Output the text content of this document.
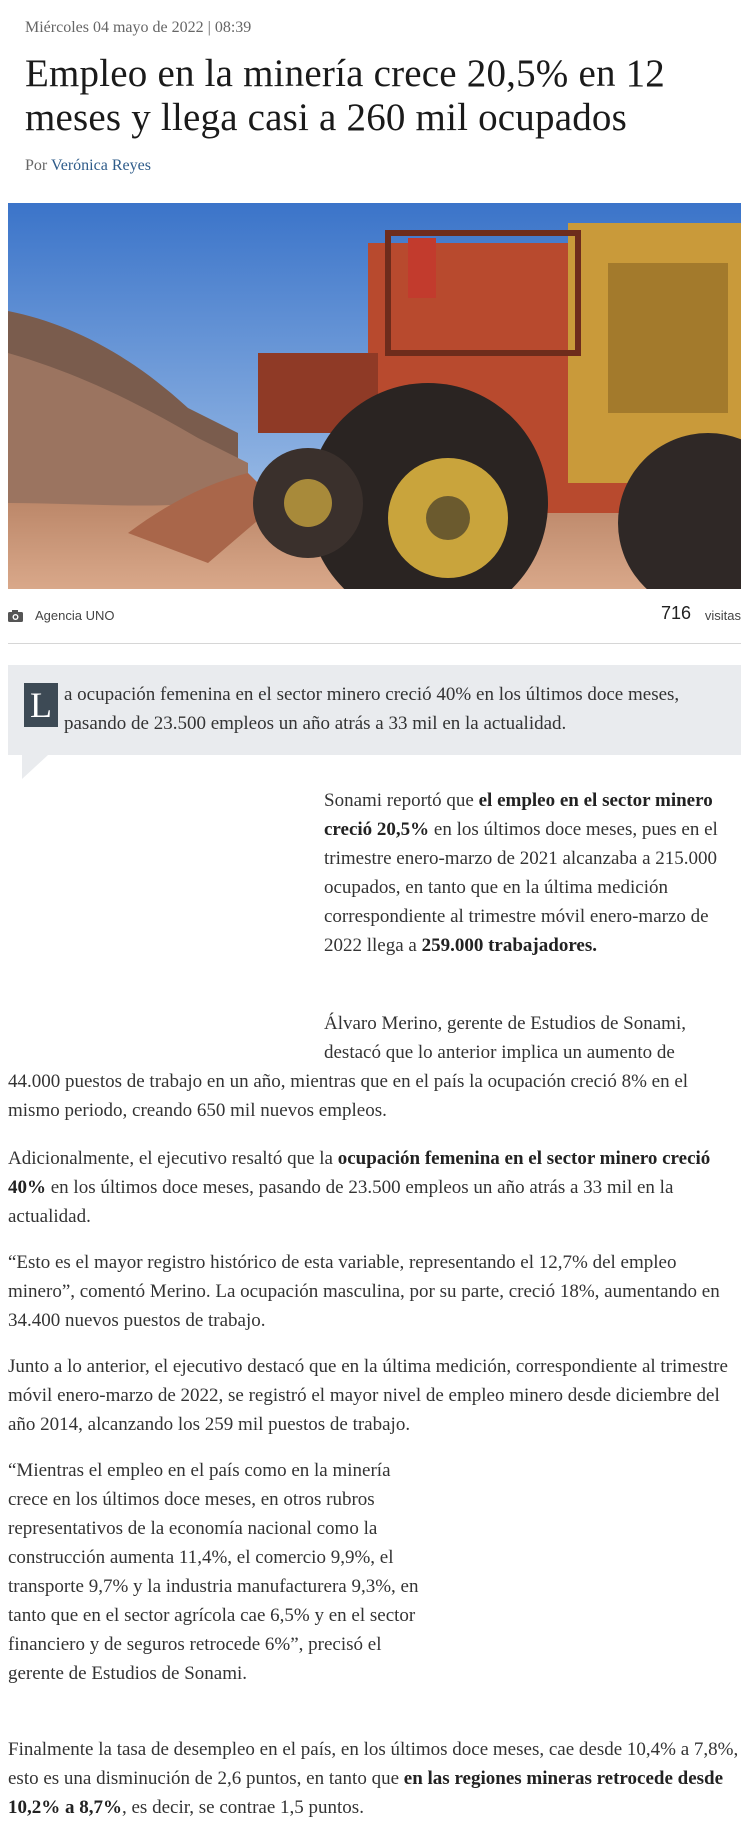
Miércoles 04 mayo de 2022 | 08:39
Empleo en la minería crece 20,5% en 12 meses y llega casi a 260 mil ocupados
Por Verónica Reyes
Agencia UNO	716 visitas
L a ocupación femenina en el sector minero creció 40% en los últimos doce meses, pasando de 23.500 empleos un año atrás a 33 mil en la actualidad.

Sonami reportó que el empleo en el sector minero creció 20,5% en los últimos doce meses, pues en el trimestre enero-marzo de 2021 alcanzaba a 215.000 ocupados, en tanto que en la última medición correspondiente al trimestre móvil enero-marzo de 2022 llega a 259.000 trabajadores.

Álvaro Merino, gerente de Estudios de Sonami,
destacó que lo anterior implica un aumento de

44.000 puestos de trabajo en un año, mientras que en el país la ocupación creció 8% en el mismo periodo, creando 650 mil nuevos empleos.

Adicionalmente, el ejecutivo resaltó que la ocupación femenina en el sector minero creció 40% en los últimos doce meses, pasando de 23.500 empleos un año atrás a 33 mil en la actualidad.

“Esto es el mayor registro histórico de esta variable, representando el 12,7% del empleo minero”, comentó Merino. La ocupación masculina, por su parte, creció 18%, aumentando en 34.400 nuevos puestos de trabajo.

Junto a lo anterior, el ejecutivo destacó que en la última medición, correspondiente al trimestre móvil enero-marzo de 2022, se registró el mayor nivel de empleo minero desde diciembre del año 2014, alcanzando los 259 mil puestos de trabajo.

“Mientras el empleo en el país como en la minería crece en los últimos doce meses, en otros rubros representativos de la economía nacional como la construcción aumenta 11,4%, el comercio 9,9%, el transporte 9,7% y la industria manufacturera 9,3%, en tanto que en el sector agrícola cae 6,5% y en el sector financiero y de seguros retrocede 6%”, precisó el gerente de Estudios de Sonami.

Finalmente la tasa de desempleo en el país, en los últimos doce meses, cae desde 10,4% a 7,8%, esto es una disminución de 2,6 puntos, en tanto que en las regiones mineras retrocede desde 10,2% a 8,7%, es decir, se contrae 1,5 puntos.
